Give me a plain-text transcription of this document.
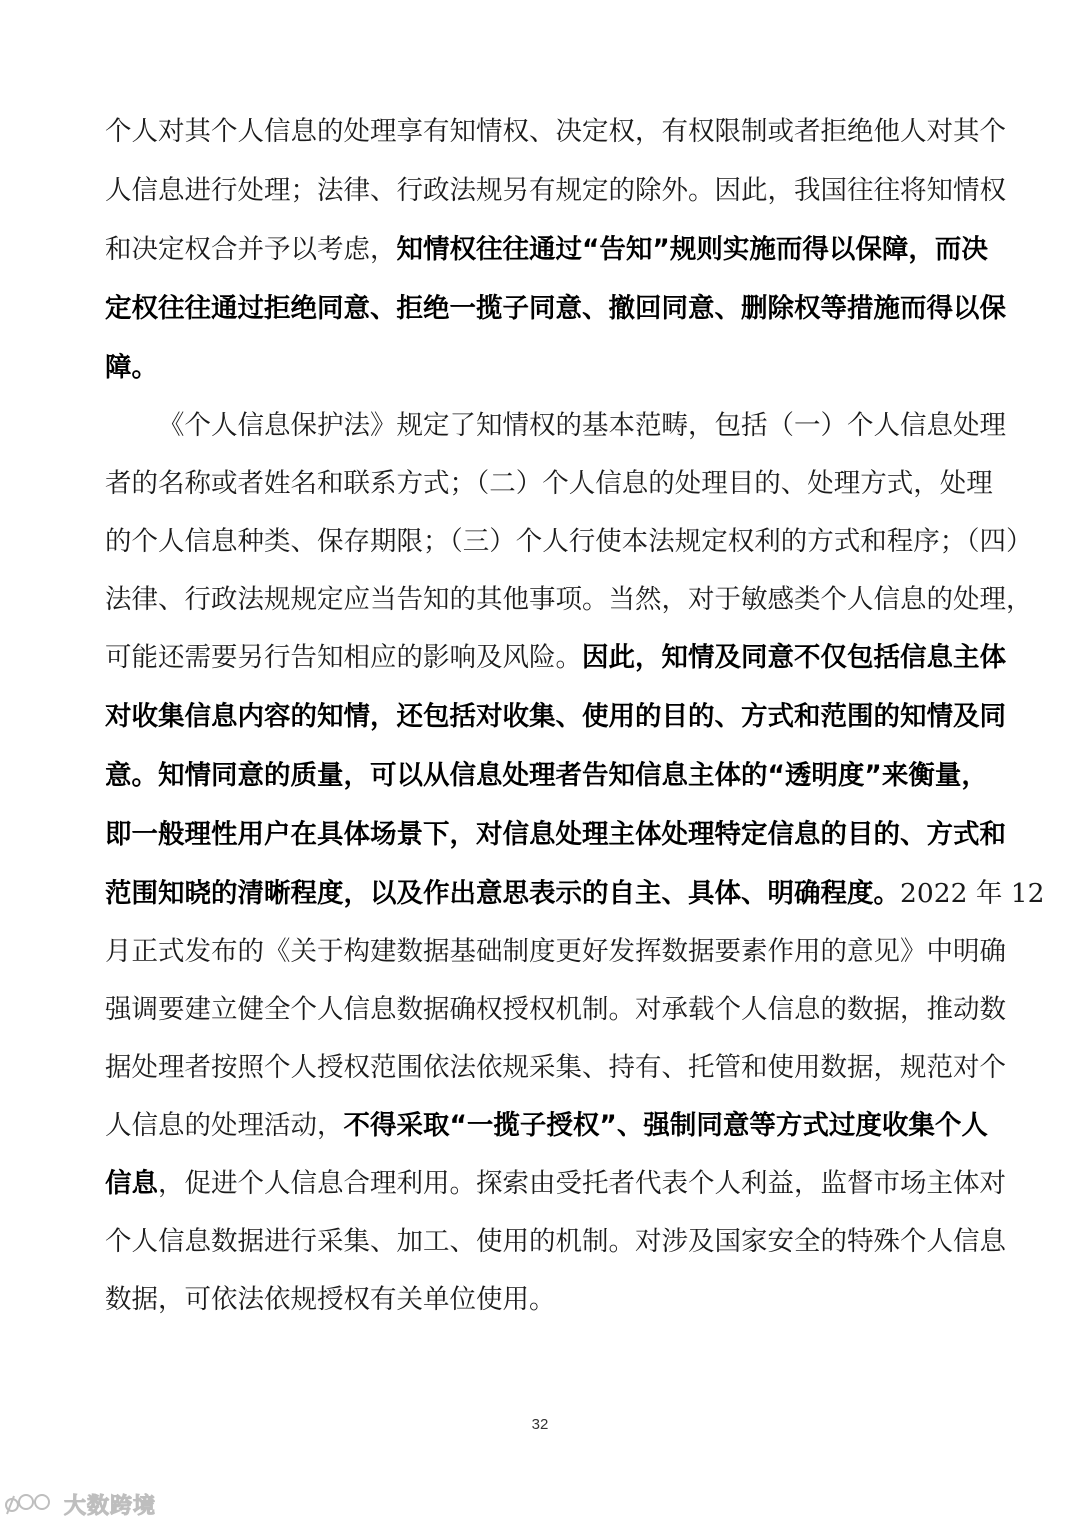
个人对其个人信息的处理享有知情权、决定权，有权限制或者拒绝他人对其个
人信息进行处理；法律、行政法规另有规定的除外。因此，我国往往将知情权
和决定权合并予以考虑，知情权往往通过“告知”规则实施而得以保障，而决
定权往往通过拒绝同意、拒绝一揽子同意、撤回同意、删除权等措施而得以保
障。
《个人信息保护法》规定了知情权的基本范畴，包括（一）个人信息处理
者的名称或者姓名和联系方式；（二）个人信息的处理目的、处理方式，处理
的个人信息种类、保存期限；（三）个人行使本法规定权利的方式和程序；（四）
法律、行政法规规定应当告知的其他事项。当然，对于敏感类个人信息的处理，
可能还需要另行告知相应的影响及风险。因此，知情及同意不仅包括信息主体
对收集信息内容的知情，还包括对收集、使用的目的、方式和范围的知情及同
意。知情同意的质量，可以从信息处理者告知信息主体的“透明度”来衡量，
即一般理性用户在具体场景下，对信息处理主体处理特定信息的目的、方式和
范围知晓的清晰程度，以及作出意思表示的自主、具体、明确程度。2022 年 12
月正式发布的《关于构建数据基础制度更好发挥数据要素作用的意见》中明确
强调要建立健全个人信息数据确权授权机制。对承载个人信息的数据，推动数
据处理者按照个人授权范围依法依规采集、持有、托管和使用数据，规范对个
人信息的处理活动，不得采取“一揽子授权”、强制同意等方式过度收集个人
信息，促进个人信息合理利用。探索由受托者代表个人利益，监督市场主体对
个人信息数据进行采集、加工、使用的机制。对涉及国家安全的特殊个人信息
数据，可依法依规授权有关单位使用。
32
大数跨境
